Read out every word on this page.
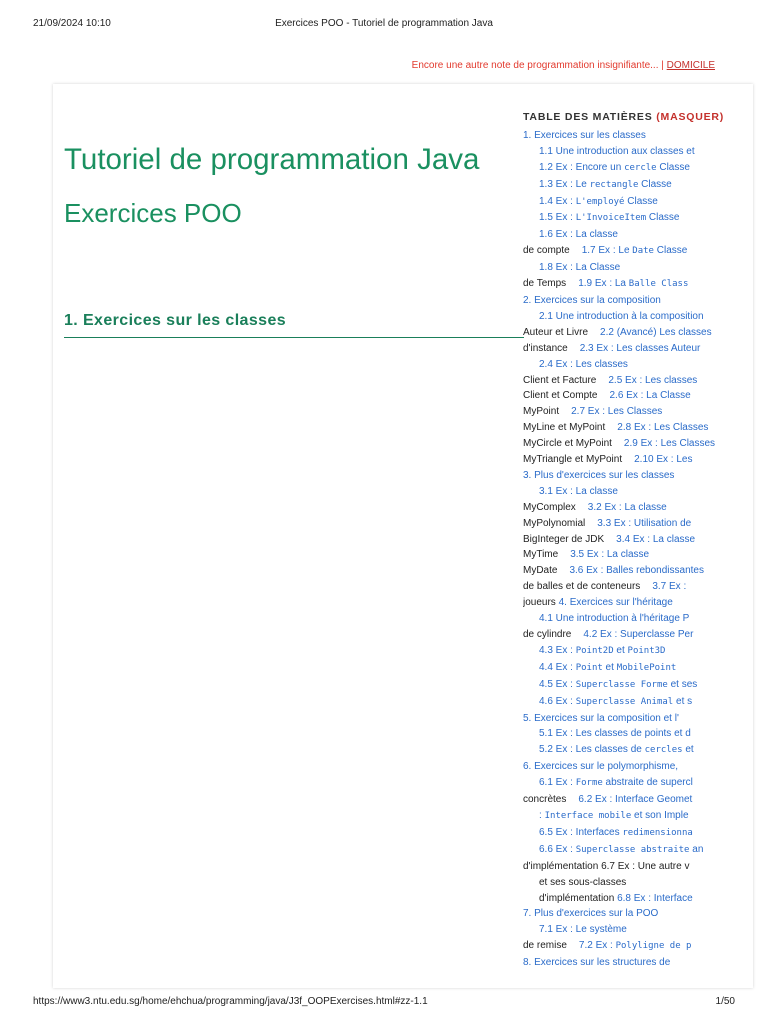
21/09/2024 10:10	Exercices POO - Tutoriel de programmation Java
Encore une autre note de programmation insignifiante... | DOMICILE
Tutoriel de programmation Java
Exercices POO
1. Exercices sur les classes
TABLE DES MATIÈRES (MASQUER)
1. Exercices sur les classes
1.1 Une introduction aux classes et
1.2 Ex : Encore un cercle Classe
1.3 Ex : Le rectangle Classe
1.4 Ex : L'employé Classe
1.5 Ex : L'InvoiceItem Classe
1.6 Ex : La classe
de compte 1.7 Ex : Le Date Classe
1.8 Ex : La Classe
de Temps 1.9 Ex : La Balle Class
2. Exercices sur la composition
2.1 Une introduction à la composition
Auteur et Livre 2.2 (Avancé) Les classes
d'instance 2.3 Ex : Les classes Auteur
2.4 Ex : Les classes
Client et Facture 2.5 Ex : Les classes
Client et Compte 2.6 Ex : La Classe
MyPoint 2.7 Ex : Les Classes
MyLine et MyPoint 2.8 Ex : Les Classes
MyCircle et MyPoint 2.9 Ex : Les Classes
MyTriangle et MyPoint 2.10 Ex : Les
3. Plus d'exercices sur les classes
3.1 Ex : La classe
MyComplex 3.2 Ex : La classe
MyPolynomial 3.3 Ex : Utilisation de
BigInteger de JDK 3.4 Ex : La classe
MyTime 3.5 Ex : La classe
MyDate 3.6 Ex : Balles rebondissantes
de balles et de conteneurs 3.7 Ex :
joueurs 4. Exercices sur l'héritage
4.1 Une introduction à l'héritage P
de cylindre 4.2 Ex : Superclasse Per
4.3 Ex : Point2D et Point3D
4.4 Ex : Point et MobilePoint
4.5 Ex : Superclasse Forme et ses
4.6 Ex : Superclasse Animal et s
5. Exercices sur la composition et l'
5.1 Ex : Les classes de points et d
5.2 Ex : Les classes de cercles et
6. Exercices sur le polymorphisme,
6.1 Ex : Forme abstraite de supercl
concrètes 6.2 Ex : Interface Geomet
: Interface mobile et son Imple
6.5 Ex : Interfaces redimensionna
6.6 Ex : Superclasse abstraite an
d'implémentation 6.7 Ex : Une autre v
et ses sous-classes
d'implémentation 6.8 Ex : Interface
7. Plus d'exercices sur la POO
7.1 Ex : Le système
de remise 7.2 Ex : Polyligne de p
8. Exercices sur les structures de
https://www3.ntu.edu.sg/home/ehchua/programming/java/J3f_OOPExercises.html#zz-1.1	1/50
